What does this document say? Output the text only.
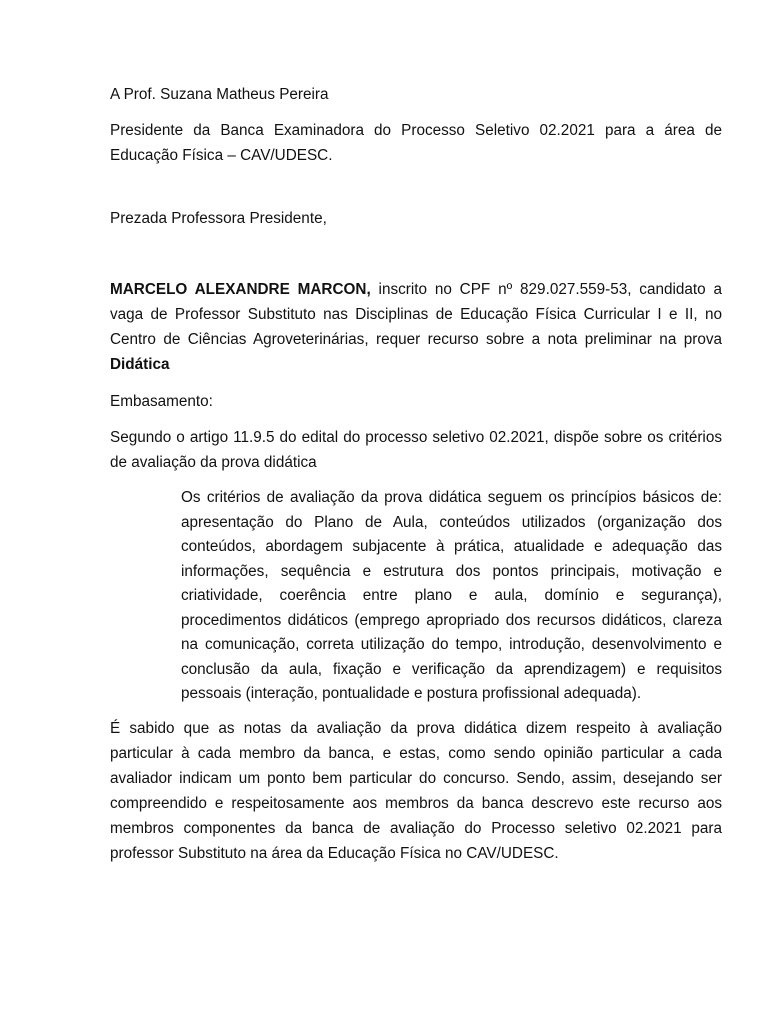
A Prof. Suzana Matheus Pereira

Presidente da Banca Examinadora do Processo Seletivo 02.2021 para a área de Educação Física – CAV/UDESC.

Prezada Professora Presidente,

MARCELO ALEXANDRE MARCON, inscrito no CPF nº 829.027.559-53, candidato a vaga de Professor Substituto nas Disciplinas de Educação Física Curricular I e II, no Centro de Ciências Agroveterinárias, requer recurso sobre a nota preliminar na prova Didática

Embasamento:

Segundo o artigo 11.9.5 do edital do processo seletivo 02.2021, dispõe sobre os critérios de avaliação da prova didática

Os critérios de avaliação da prova didática seguem os princípios básicos de: apresentação do Plano de Aula, conteúdos utilizados (organização dos conteúdos, abordagem subjacente à prática, atualidade e adequação das informações, sequência e estrutura dos pontos principais, motivação e criatividade, coerência entre plano e aula, domínio e segurança), procedimentos didáticos (emprego apropriado dos recursos didáticos, clareza na comunicação, correta utilização do tempo, introdução, desenvolvimento e conclusão da aula, fixação e verificação da aprendizagem) e requisitos pessoais (interação, pontualidade e postura profissional adequada).

É sabido que as notas da avaliação da prova didática dizem respeito à avaliação particular à cada membro da banca, e estas, como sendo opinião particular a cada avaliador indicam um ponto bem particular do concurso. Sendo, assim, desejando ser compreendido e respeitosamente aos membros da banca descrevo este recurso aos membros componentes da banca de avaliação do Processo seletivo 02.2021 para professor Substituto na área da Educação Física no CAV/UDESC.
